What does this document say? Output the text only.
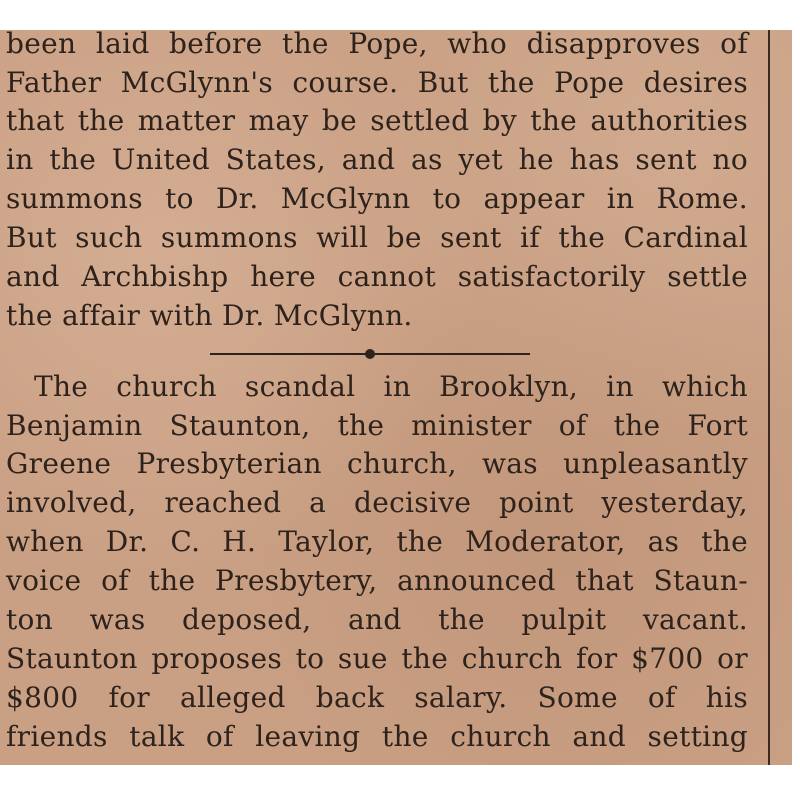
been laid before the Pope, who disapproves of
Father McGlynn's course. But the Pope desires
that the matter may be settled by the authorities
in the United States, and as yet he has sent no
summons to Dr. McGlynn to appear in Rome.
But such summons will be sent if the Cardinal
and Archbishp here cannot satisfactorily settle
the affair with Dr. McGlynn.
The church scandal in Brooklyn, in which
Benjamin Staunton, the minister of the Fort
Greene Presbyterian church, was unpleasantly
involved, reached a decisive point yesterday,
when Dr. C. H. Taylor, the Moderator, as the
voice of the Presbytery, announced that Staun-
ton was deposed, and the pulpit vacant.
Staunton proposes to sue the church for $700 or
$800 for alleged back salary. Some of his
friends talk of leaving the church and setting
